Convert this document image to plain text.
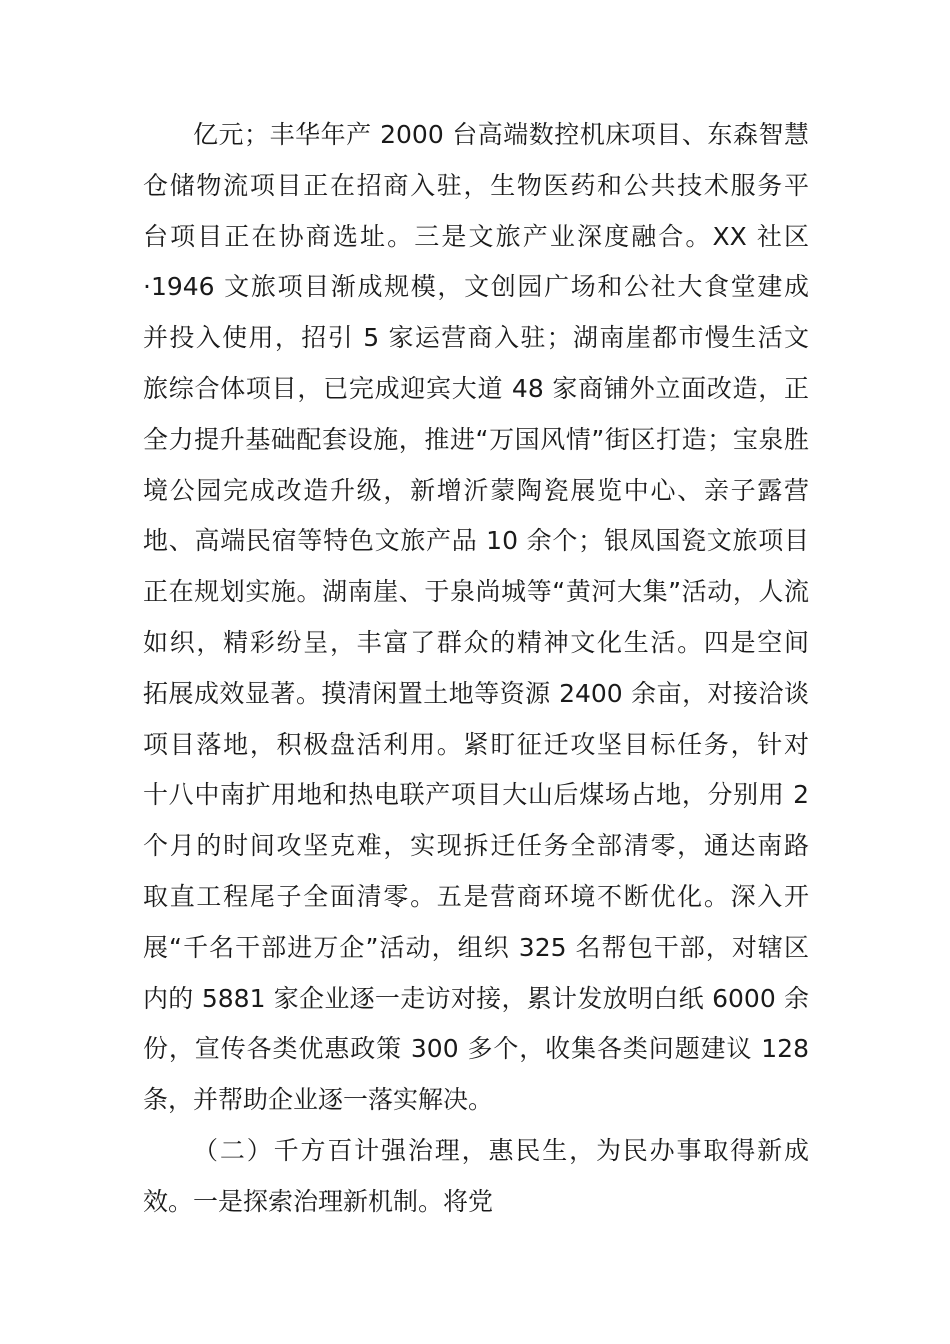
亿元；丰华年产 2000 台高端数控机床项目、东森智慧
仓储物流项目正在招商入驻，生物医药和公共技术服务平
台项目正在协商选址。三是文旅产业深度融合。XX 社区
·1946 文旅项目渐成规模，文创园广场和公社大食堂建成
并投入使用，招引 5 家运营商入驻；湖南崖都市慢生活文
旅综合体项目，已完成迎宾大道 48 家商铺外立面改造，正
全力提升基础配套设施，推进“万国风情”街区打造；宝泉胜
境公园完成改造升级，新增沂蒙陶瓷展览中心、亲子露营
地、高端民宿等特色文旅产品 10 余个；银凤国瓷文旅项目
正在规划实施。湖南崖、于泉尚城等“黄河大集”活动，人流
如织，精彩纷呈，丰富了群众的精神文化生活。四是空间
拓展成效显著。摸清闲置土地等资源 2400 余亩，对接洽谈
项目落地，积极盘活利用。紧盯征迁攻坚目标任务，针对
十八中南扩用地和热电联产项目大山后煤场占地，分别用 2
个月的时间攻坚克难，实现拆迁任务全部清零，通达南路
取直工程尾子全面清零。五是营商环境不断优化。深入开
展“千名干部进万企”活动，组织 325 名帮包干部，对辖区
内的 5881 家企业逐一走访对接，累计发放明白纸 6000 余
份，宣传各类优惠政策 300 多个，收集各类问题建议 128
条，并帮助企业逐一落实解决。
（二）千方百计强治理，惠民生，为民办事取得新成
效。一是探索治理新机制。将党
